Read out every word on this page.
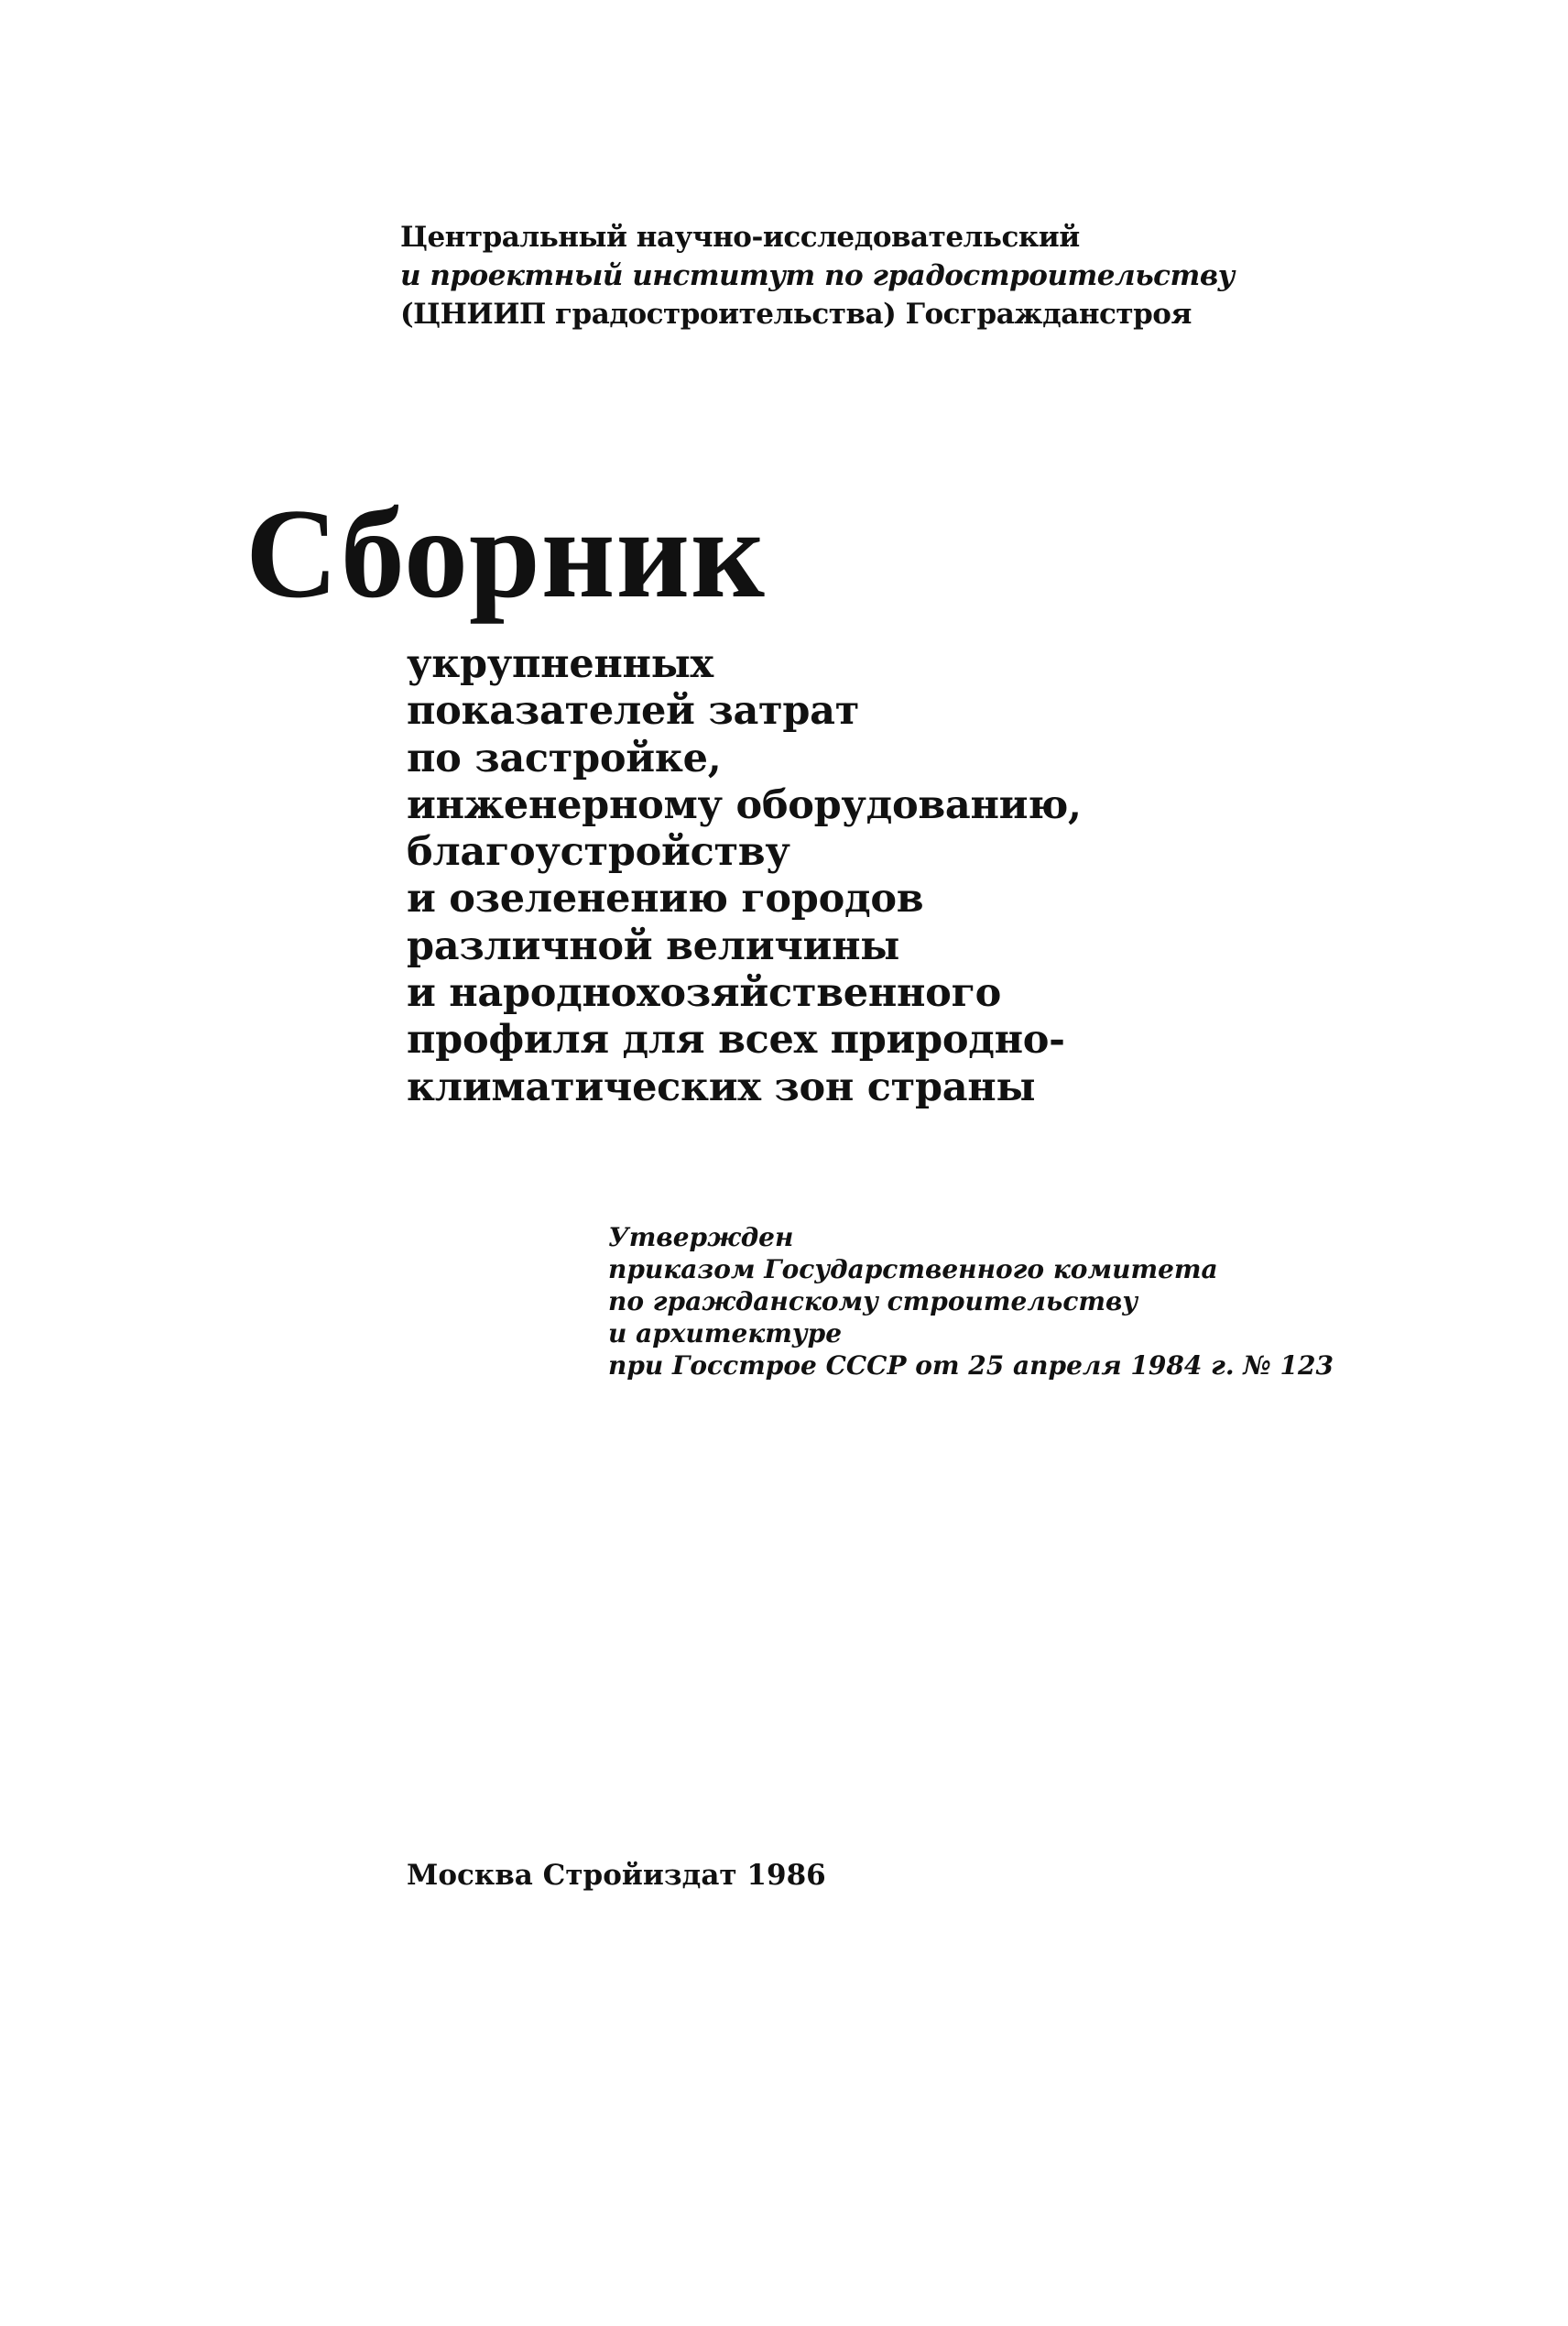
Центральный научно-исследовательский
и проектный институт по градостроительству
(ЦНИИП градостроительства) Госгражданстроя
Сборник
укрупненных
показателей затрат
по застройке,
инженерному оборудованию,
благоустройству
и озеленению городов
различной величины
и народнохозяйственного
профиля для всех природно-
климатических зон страны
Утвержден
приказом Государственного комитета
по гражданскому строительству
и архитектуре
при Госстрое СССР от 25 апреля 1984 г. № 123
Москва Стройиздат 1986
